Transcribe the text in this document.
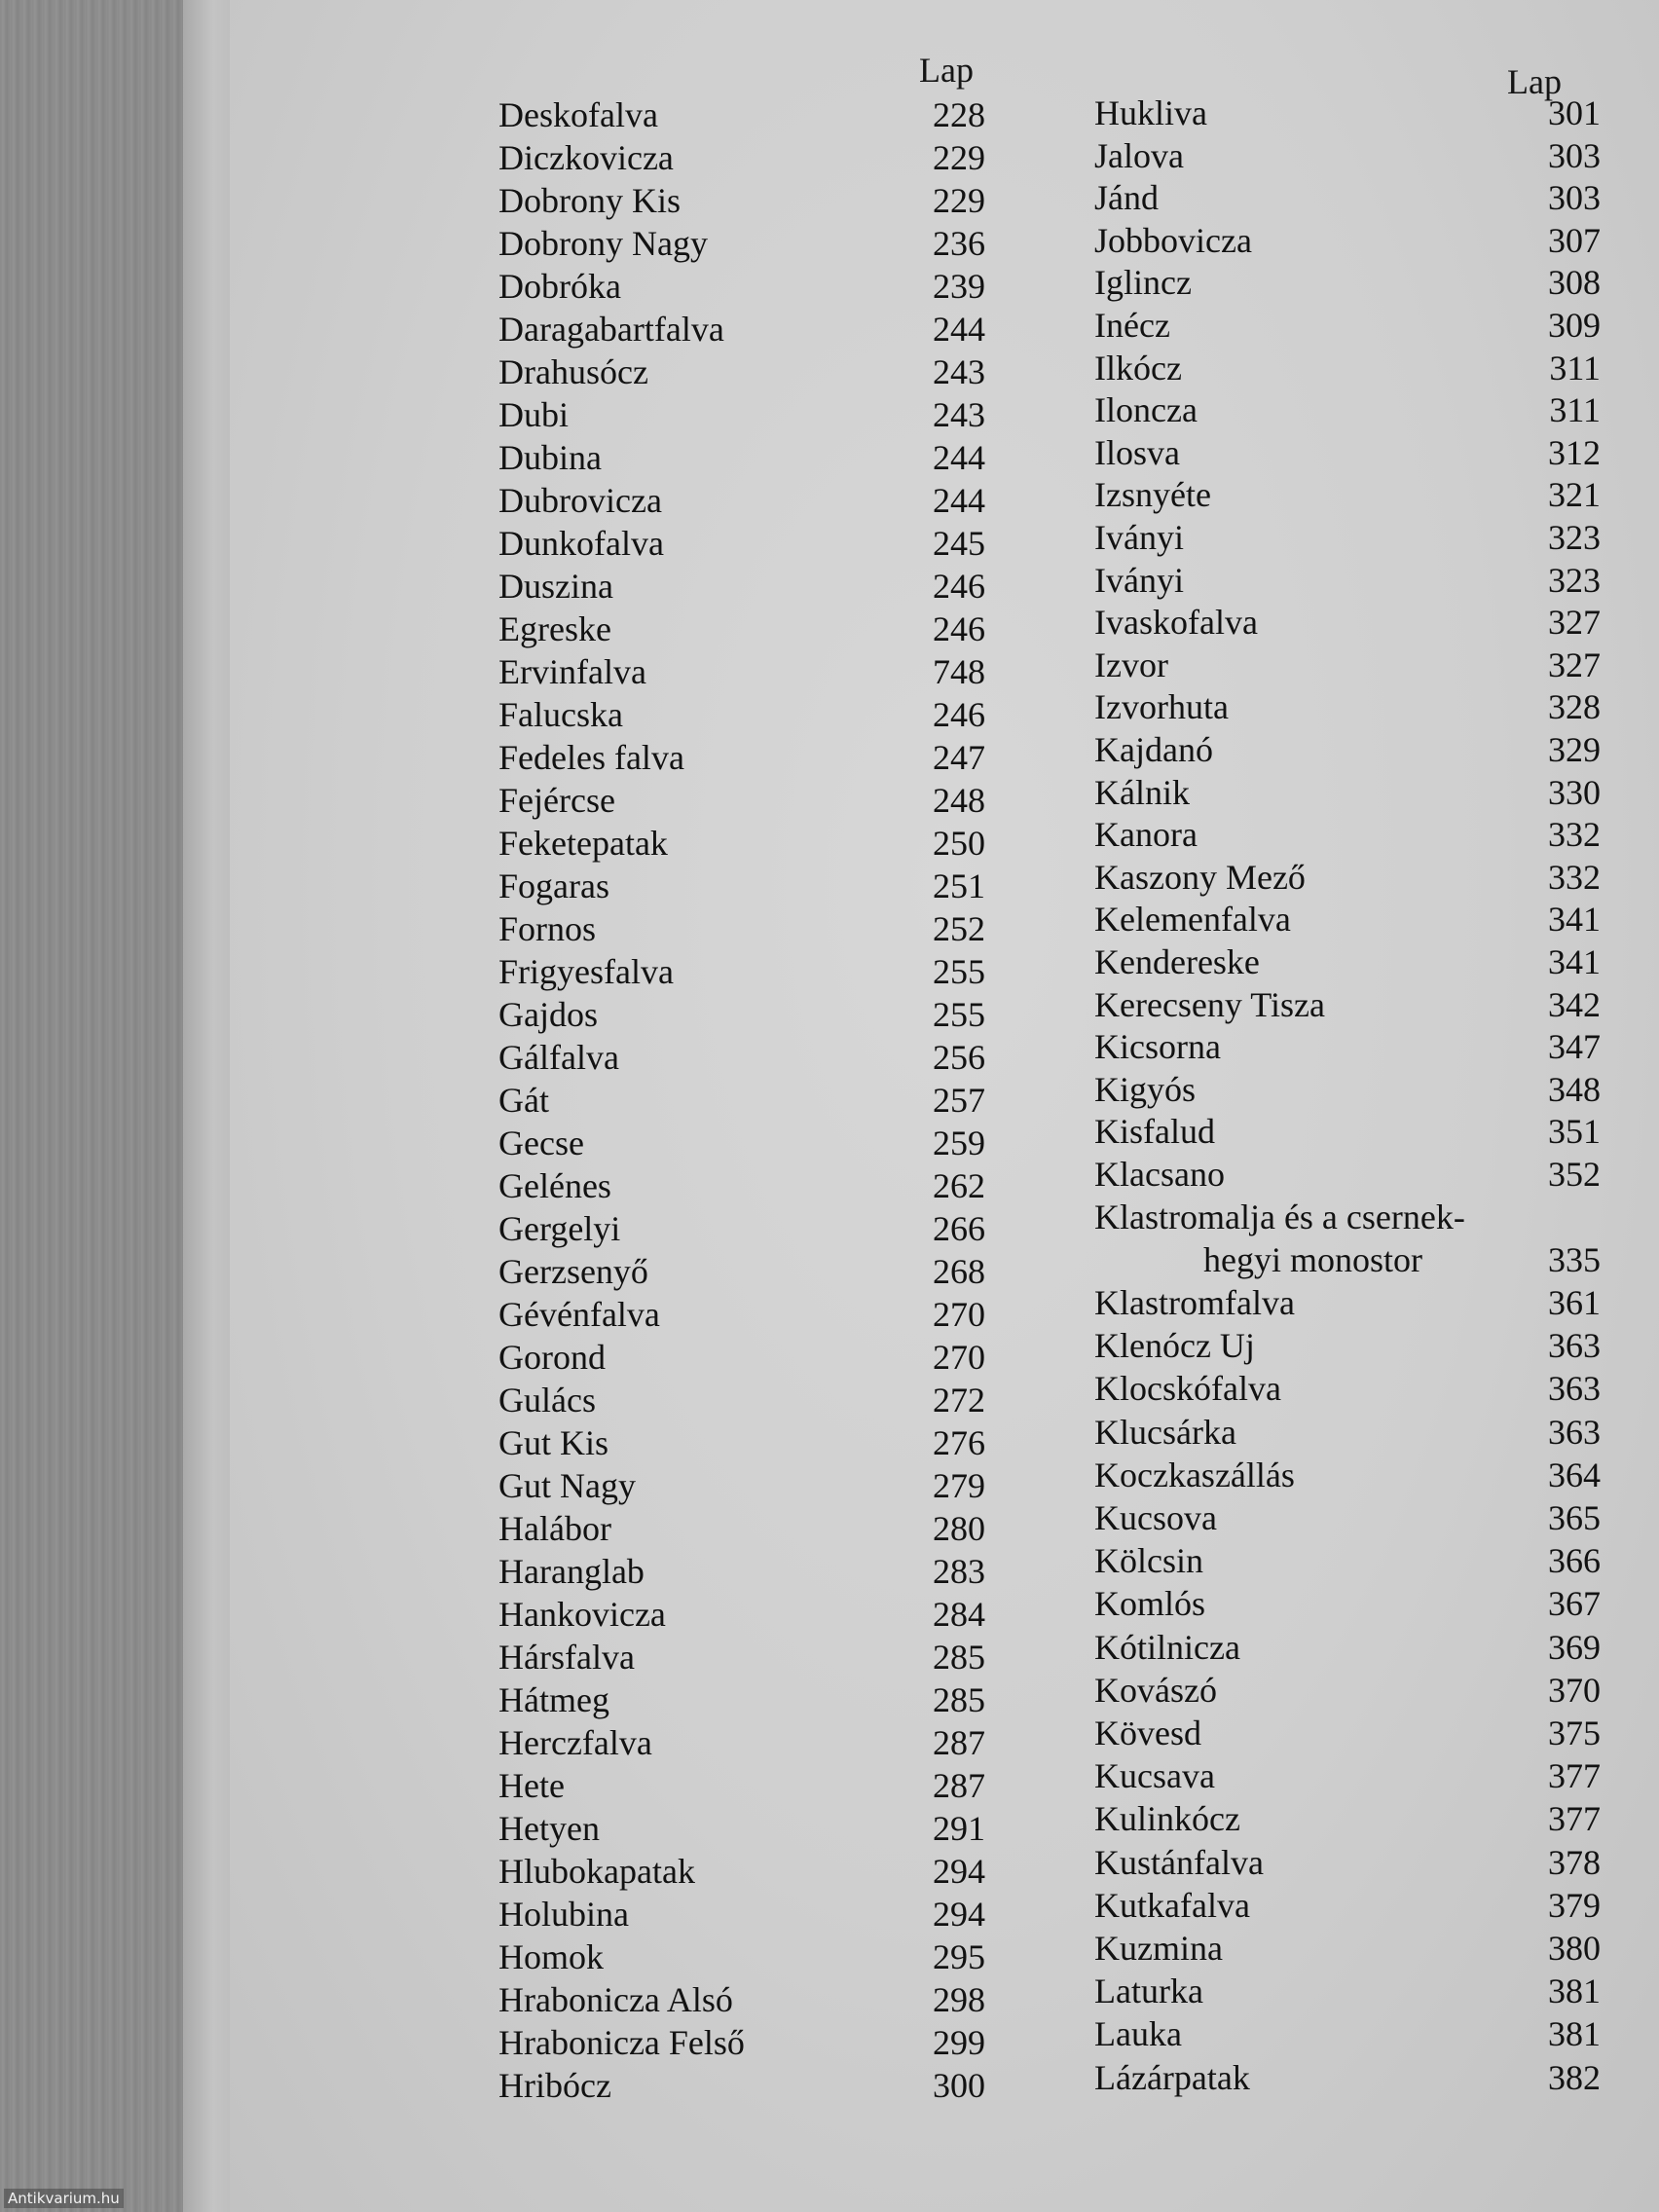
Lap	Lap
Deskofalva	228
Diczkovicza	229
Dobrony Kis	229
Dobrony Nagy	236
Dobróka	239
Daragabartfalva	244
Drahusócz	243
Dubi	243
Dubina	244
Dubrovicza	244
Dunkofalva	245
Duszina	246
Egreske	246
Ervinfalva	748
Falucska	246
Fedeles falva	247
Fejércse	248
Feketepatak	250
Fogaras	251
Fornos	252
Frigyesfalva	255
Gajdos	255
Gálfalva	256
Gát	257
Gecse	259
Gelénes	262
Gergelyi	266
Gerzsenyő	268
Gévénfalva	270
Gorond	270
Gulács	272
Gut Kis	276
Gut Nagy	279
Halábor	280
Haranglab	283
Hankovicza	284
Hársfalva	285
Hátmeg	285
Herczfalva	287
Hete	287
Hetyen	291
Hlubokapatak	294
Holubina	294
Homok	295
Hrabonicza Alsó	298
Hrabonicza Felső	299
Hribócz	300
Hukliva	301
Jalova	303
Jánd	303
Jobbovicza	307
Iglincz	308
Inécz	309
Ilkócz	311
Iloncza	311
Ilosva	312
Izsnyéte	321
Iványi	323
Iványi	323
Ivaskofalva	327
Izvor	327
Izvorhuta	328
Kajdanó	329
Kálnik	330
Kanora	332
Kaszony Mező	332
Kelemenfalva	341
Kendereske	341
Kerecseny Tisza	342
Kicsorna	347
Kigyós	348
Kisfalud	351
Klacsano	352
Klastromalja és a csernek-
hegyi monostor	335
Klastromfalva	361
Klenócz Uj	363
Klocskófalva	363
Klucsárka	363
Koczkaszállás	364
Kucsova	365
Kölcsin	366
Komlós	367
Kótilnicza	369
Kovászó	370
Kövesd	375
Kucsava	377
Kulinkócz	377
Kustánfalva	378
Kutkafalva	379
Kuzmina	380
Laturka	381
Lauka	381
Lázárpatak	382
Antikvarium.hu
